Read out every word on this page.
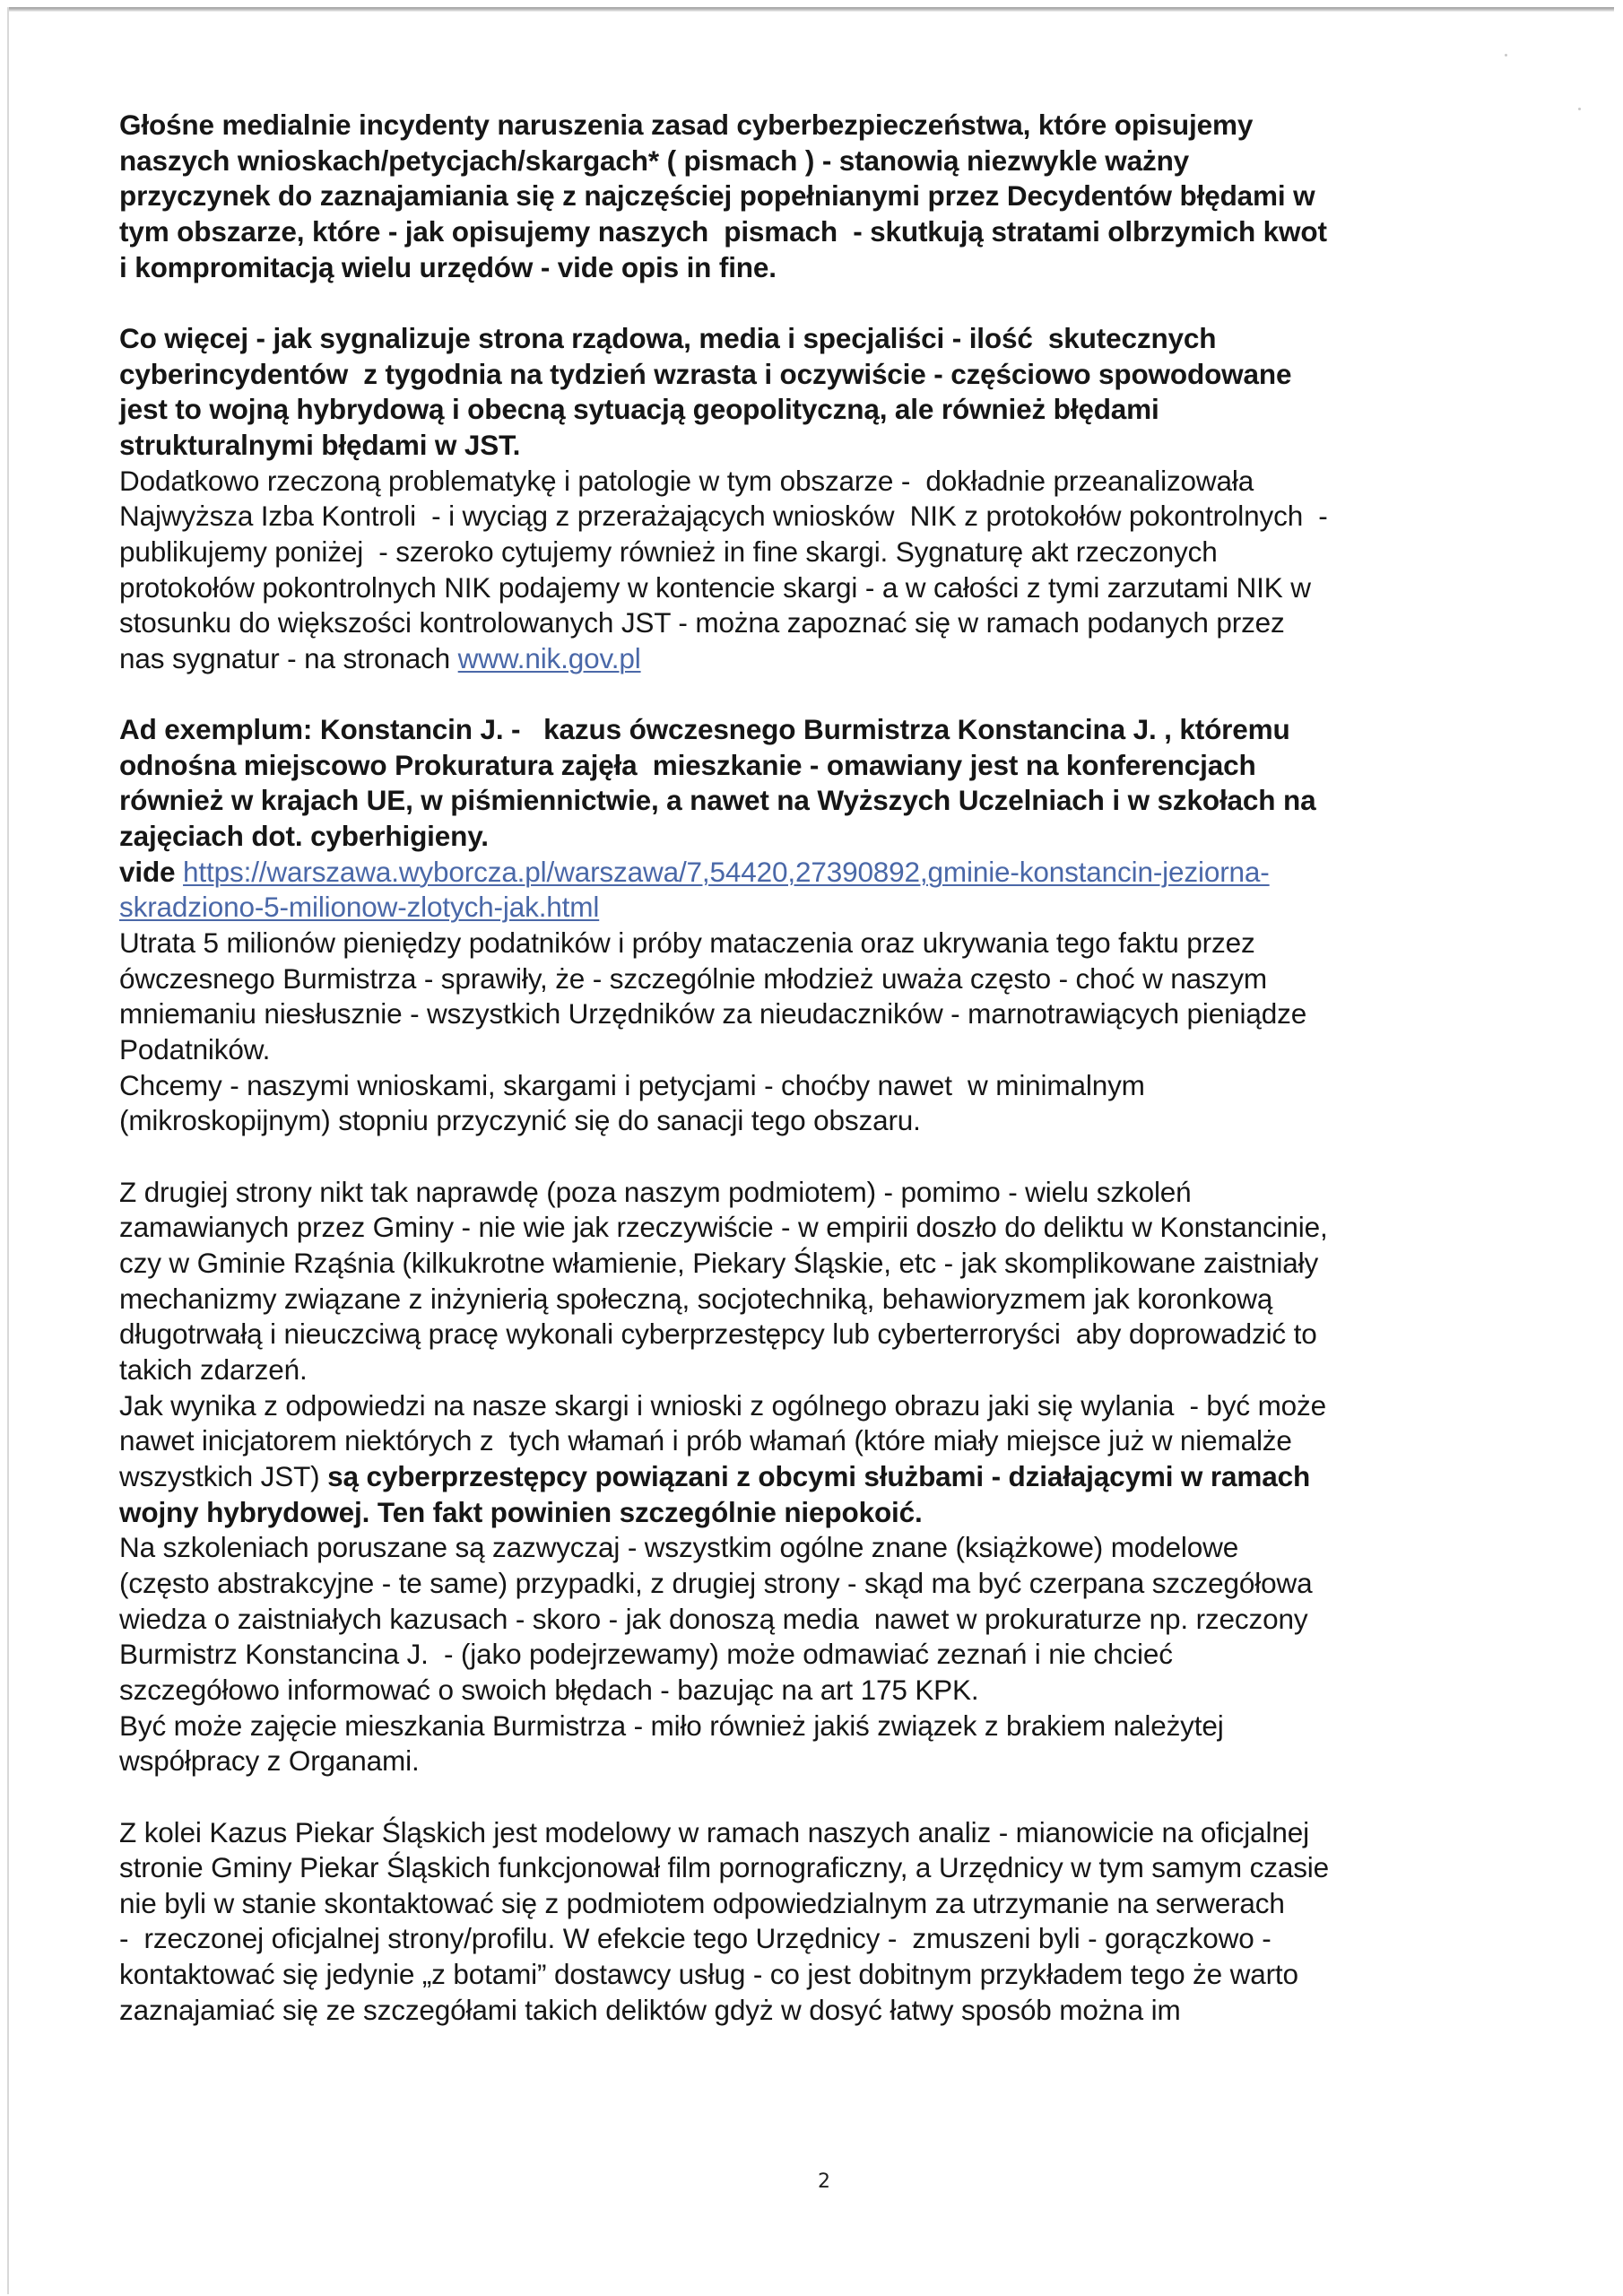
Głośne medialnie incydenty naruszenia zasad cyberbezpieczeństwa, które opisujemy
naszych wnioskach/petycjach/skargach* ( pismach ) - stanowią niezwykle ważny
przyczynek do zaznajamiania się z najczęściej popełnianymi przez Decydentów błędami w
tym obszarze, które - jak opisujemy naszych  pismach  - skutkują stratami olbrzymich kwot
i kompromitacją wielu urzędów - vide opis in fine.
Co więcej - jak sygnalizuje strona rządowa, media i specjaliści - ilość  skutecznych
cyberincydentów  z tygodnia na tydzień wzrasta i oczywiście - częściowo spowodowane
jest to wojną hybrydową i obecną sytuacją geopolityczną, ale również błędami
strukturalnymi błędami w JST.
Dodatkowo rzeczoną problematykę i patologie w tym obszarze -  dokładnie przeanalizowała
Najwyższa Izba Kontroli  - i wyciąg z przerażających wniosków  NIK z protokołów pokontrolnych  -
publikujemy poniżej  - szeroko cytujemy również in fine skargi. Sygnaturę akt rzeczonych
protokołów pokontrolnych NIK podajemy w kontencie skargi - a w całości z tymi zarzutami NIK w
stosunku do większości kontrolowanych JST - można zapoznać się w ramach podanych przez
nas sygnatur - na stronach www.nik.gov.pl
Ad exemplum: Konstancin J. -   kazus ówczesnego Burmistrza Konstancina J. , któremu
odnośna miejscowo Prokuratura zajęła  mieszkanie - omawiany jest na konferencjach
również w krajach UE, w piśmiennictwie, a nawet na Wyższych Uczelniach i w szkołach na
zajęciach dot. cyberhigieny.
vide https://warszawa.wyborcza.pl/warszawa/7,54420,27390892,gminie-konstancin-jeziorna-
skradziono-5-milionow-zlotych-jak.html
Utrata 5 milionów pieniędzy podatników i próby mataczenia oraz ukrywania tego faktu przez
ówczesnego Burmistrza - sprawiły, że - szczególnie młodzież uważa często - choć w naszym
mniemaniu niesłusznie - wszystkich Urzędników za nieudaczników - marnotrawiących pieniądze
Podatników.
Chcemy - naszymi wnioskami, skargami i petycjami - choćby nawet  w minimalnym
(mikroskopijnym) stopniu przyczynić się do sanacji tego obszaru.
Z drugiej strony nikt tak naprawdę (poza naszym podmiotem) - pomimo - wielu szkoleń
zamawianych przez Gminy - nie wie jak rzeczywiście - w empirii doszło do deliktu w Konstancinie,
czy w Gminie Rząśnia (kilkukrotne włamienie, Piekary Śląskie, etc - jak skomplikowane zaistniały
mechanizmy związane z inżynierią społeczną, socjotechniką, behawioryzmem jak koronkową
długotrwałą i nieuczciwą pracę wykonali cyberprzestępcy lub cyberterroryści  aby doprowadzić to
takich zdarzeń.
Jak wynika z odpowiedzi na nasze skargi i wnioski z ogólnego obrazu jaki się wylania  - być może
nawet inicjatorem niektórych z  tych włamań i prób włamań (które miały miejsce już w niemalże
wszystkich JST) są cyberprzestępcy powiązani z obcymi służbami - działającymi w ramach
wojny hybrydowej. Ten fakt powinien szczególnie niepokoić.
Na szkoleniach poruszane są zazwyczaj - wszystkim ogólne znane (książkowe) modelowe
(często abstrakcyjne - te same) przypadki, z drugiej strony - skąd ma być czerpana szczegółowa
wiedza o zaistniałych kazusach - skoro - jak donoszą media  nawet w prokuraturze np. rzeczony
Burmistrz Konstancina J.  - (jako podejrzewamy) może odmawiać zeznań i nie chcieć
szczegółowo informować o swoich błędach - bazując na art 175 KPK.
Być może zajęcie mieszkania Burmistrza - miło również jakiś związek z brakiem należytej
współpracy z Organami.
Z kolei Kazus Piekar Śląskich jest modelowy w ramach naszych analiz - mianowicie na oficjalnej
stronie Gminy Piekar Śląskich funkcjonował film pornograficzny, a Urzędnicy w tym samym czasie
nie byli w stanie skontaktować się z podmiotem odpowiedzialnym za utrzymanie na serwerach
-  rzeczonej oficjalnej strony/profilu. W efekcie tego Urzędnicy -  zmuszeni byli - gorączkowo -
kontaktować się jedynie „z botami” dostawcy usług - co jest dobitnym przykładem tego że warto
zaznajamiać się ze szczegółami takich deliktów gdyż w dosyć łatwy sposób można im
2
